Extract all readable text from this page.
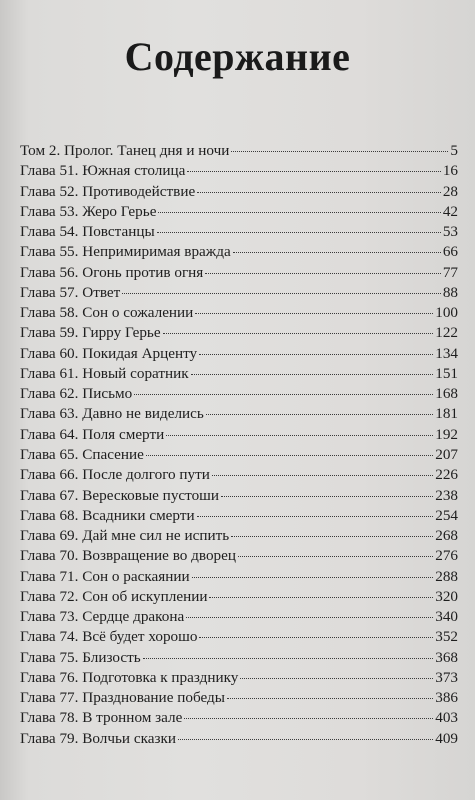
Содержание
Том 2. Пролог. Танец дня и ночи	5
Глава 51. Южная столица	16
Глава 52. Противодействие	28
Глава 53. Жеро Герье	42
Глава 54. Повстанцы	53
Глава 55. Непримиримая вражда	66
Глава 56. Огонь против огня	77
Глава 57. Ответ	88
Глава 58. Сон о сожалении	100
Глава 59. Гирру Герье	122
Глава 60. Покидая Арценту	134
Глава 61. Новый соратник	151
Глава 62. Письмо	168
Глава 63. Давно не виделись	181
Глава 64. Поля смерти	192
Глава 65. Спасение	207
Глава 66. После долгого пути	226
Глава 67. Вересковые пустоши	238
Глава 68. Всадники смерти	254
Глава 69. Дай мне сил не испить	268
Глава 70. Возвращение во дворец	276
Глава 71. Сон о раскаянии	288
Глава 72. Сон об искуплении	320
Глава 73. Сердце дракона	340
Глава 74. Всё будет хорошо	352
Глава 75. Близость	368
Глава 76. Подготовка к празднику	373
Глава 77. Празднование победы	386
Глава 78. В тронном зале	403
Глава 79. Волчьи сказки	409
